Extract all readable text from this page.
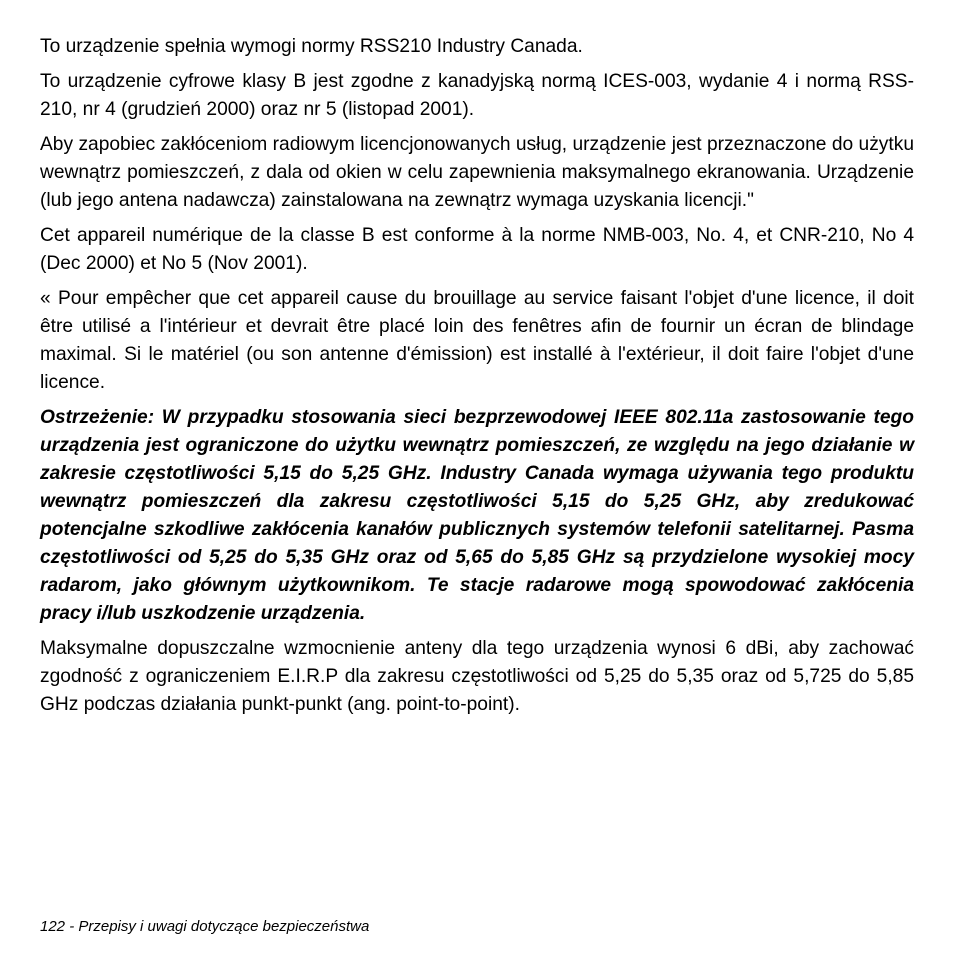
To urządzenie spełnia wymogi normy RSS210 Industry Canada.

To urządzenie cyfrowe klasy B jest zgodne z kanadyjską normą ICES-003, wydanie 4 i normą RSS-210, nr 4 (grudzień 2000) oraz nr 5 (listopad 2001).

Aby zapobiec zakłóceniom radiowym licencjonowanych usług, urządzenie jest przeznaczone do użytku wewnątrz pomieszczeń, z dala od okien w celu zapewnienia maksymalnego ekranowania. Urządzenie (lub jego antena nadawcza) zainstalowana na zewnątrz wymaga uzyskania licencji."

Cet appareil numérique de la classe B est conforme à la norme NMB-003, No. 4, et CNR-210, No 4 (Dec 2000) et No 5 (Nov 2001).

« Pour empêcher que cet appareil cause du brouillage au service faisant l'objet d'une licence, il doit être utilisé a l'intérieur et devrait être placé loin des fenêtres afin de fournir un écran de blindage maximal. Si le matériel (ou son antenne d'émission) est installé à l'extérieur, il doit faire l'objet d'une licence.

Ostrzeżenie: W przypadku stosowania sieci bezprzewodowej IEEE 802.11a zastosowanie tego urządzenia jest ograniczone do użytku wewnątrz pomieszczeń, ze względu na jego działanie w zakresie częstotliwości 5,15 do 5,25 GHz. Industry Canada wymaga używania tego produktu wewnątrz pomieszczeń dla zakresu częstotliwości 5,15 do 5,25 GHz, aby zredukować potencjalne szkodliwe zakłócenia kanałów publicznych systemów telefonii satelitarnej. Pasma częstotliwości od 5,25 do 5,35 GHz oraz od 5,65 do 5,85 GHz są przydzielone wysokiej mocy radarom, jako głównym użytkownikom. Te stacje radarowe mogą spowodować zakłócenia pracy i/lub uszkodzenie urządzenia.

Maksymalne dopuszczalne wzmocnienie anteny dla tego urządzenia wynosi 6 dBi, aby zachować zgodność z ograniczeniem E.I.R.P dla zakresu częstotliwości od 5,25 do 5,35 oraz od 5,725 do 5,85 GHz podczas działania punkt-punkt (ang. point-to-point).

122 - Przepisy i uwagi dotyczące bezpieczeństwa
